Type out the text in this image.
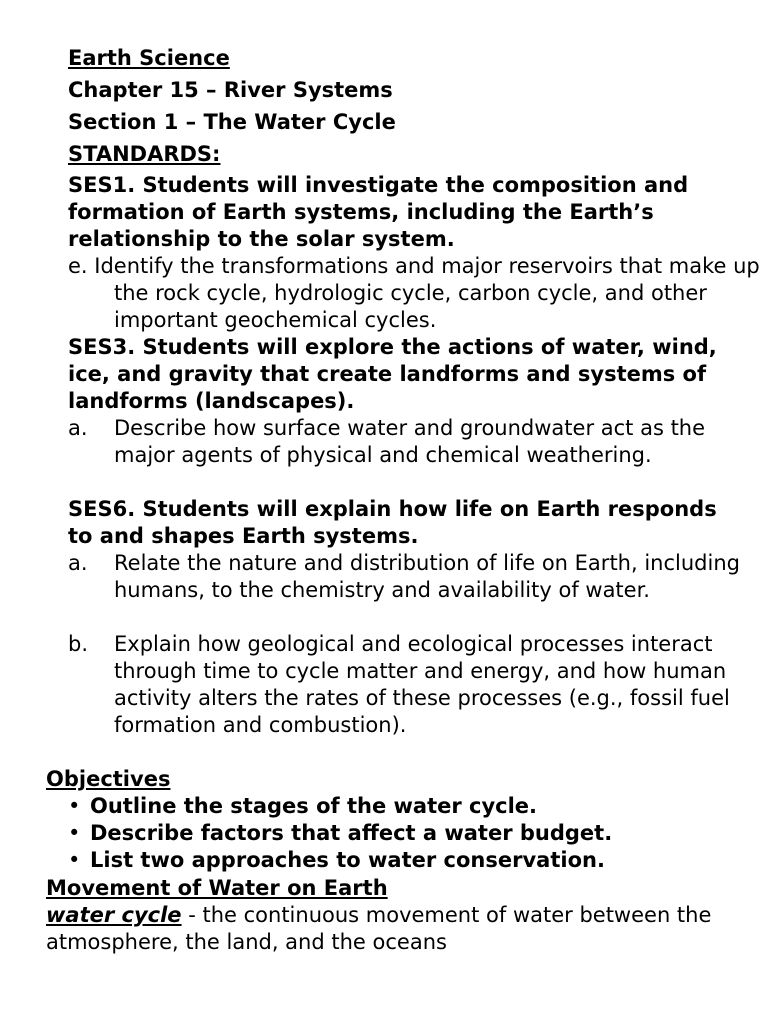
Earth Science
Chapter 15 – River Systems
Section 1 – The Water Cycle
STANDARDS:
SES1. Students will investigate the composition and formation of Earth systems, including the Earth’s relationship to the solar system.
e. Identify the transformations and major reservoirs that make up the rock cycle, hydrologic cycle, carbon cycle, and other important geochemical cycles.
SES3. Students will explore the actions of water, wind, ice, and gravity that create landforms and systems of landforms (landscapes).
a. Describe how surface water and groundwater act as the major agents of physical and chemical weathering.
SES6. Students will explain how life on Earth responds to and shapes Earth systems.
a. Relate the nature and distribution of life on Earth, including humans, to the chemistry and availability of water.
b. Explain how geological and ecological processes interact through time to cycle matter and energy, and how human activity alters the rates of these processes (e.g., fossil fuel formation and combustion).
Objectives
• Outline the stages of the water cycle.
• Describe factors that affect a water budget.
• List two approaches to water conservation.
Movement of Water on Earth
water cycle - the continuous movement of water between the atmosphere, the land, and the oceans
